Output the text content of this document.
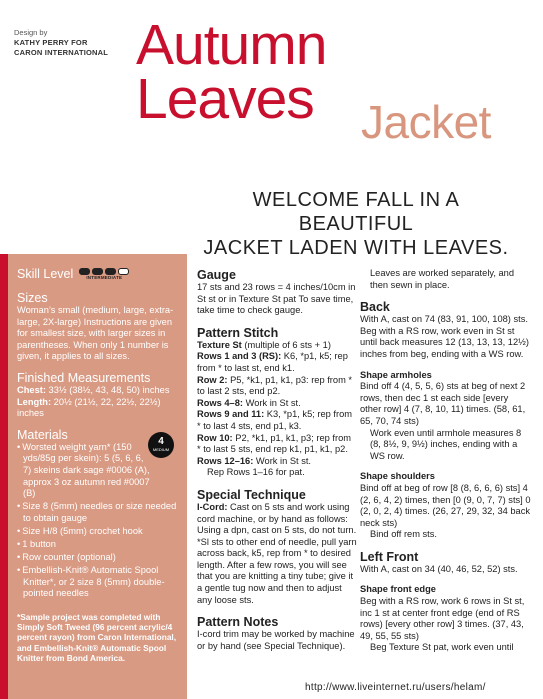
Design by
KATHY PERRY FOR
CARON INTERNATIONAL Autumn
Leaves Jacket
WELCOME FALL IN A BEAUTIFUL
JACKET LADEN WITH LEAVES.
Skill Level	INTERMEDIATE
Sizes

Woman’s small (medium, large, extra-large, 2X-large) Instructions are given for smallest size, with larger sizes in parentheses. When only 1 number is given, it applies to all sizes.

Finished Measurements

Chest: 33½ (38½, 43, 48, 50) inches
Length: 20½ (21½, 22, 22½, 22½) inches

Materials
• Worsted weight yarn* (150 yds/85g per skein): 5 (5, 6, 6, 7) skeins dark sage #0006 (A), approx 3 oz autumn red #0007 (B)
• Size 8 (5mm) needles or size needed to obtain gauge
• Size H/8 (5mm) crochet hook
• 1 button
• Row counter (optional)
• Embellish-Knit® Automatic Spool Knitter*, or 2 size 8 (5mm) double-pointed needles
*Sample project was completed with Simply Soft Tweed (96 percent acrylic/4 percent rayon) from Caron International, and Embellish-Knit® Automatic Spool Knitter from Bond America.
4
MEDIUM
Gauge

17 sts and 23 rows = 4 inches/10cm in St st or in Texture St pat To save time, take time to check gauge.

Pattern Stitch
Texture St (multiple of 6 sts + 1)
Rows 1 and 3 (RS): K6, *p1, k5; rep from * to last st, end k1.
Row 2: P5, *k1, p1, k1, p3: rep from * to last 2 sts, end p2.
Rows 4–8: Work in St st.
Rows 9 and 11: K3, *p1, k5; rep from * to last 4 sts, end p1, k3.
Row 10: P2, *k1, p1, k1, p3; rep from * to last 5 sts, end rep k1, p1, k1, p2.
Rows 12–16: Work in St st.

Rep Rows 1–16 for pat.

Special Technique

I-Cord: Cast on 5 sts and work using cord machine, or by hand as follows: Using a dpn, cast on 5 sts, do not turn. *Sl sts to other end of needle, pull yarn across back, k5, rep from * to desired length. After a few rows, you will see that you are knitting a tiny tube; give it a gentle tug now and then to adjust any loose sts.

Pattern Notes

I-cord trim may be worked by machine or by hand (see Special Technique).

Leaves are worked separately, and then sewn in place.

Back

With A, cast on 74 (83, 91, 100, 108) sts. Beg with a RS row, work even in St st until back measures 12 (13, 13, 13, 12½) inches from beg, ending with a WS row.

Shape armholes
Bind off 4 (4, 5, 5, 6) sts at beg of next 2 rows, then dec 1 st each side [every other row] 4 (7, 8, 10, 11) times. (58, 61, 65, 70, 74 sts)

Work even until armhole measures 8 (8, 8½, 9, 9½) inches, ending with a WS row.

Shape shoulders
Bind off at beg of row [8 (8, 6, 6, 6) sts] 4 (2, 6, 4, 2) times, then [0 (9, 0, 7, 7) sts] 0 (2, 0, 2, 4) times. (26, 27, 29, 32, 34 back neck sts)

Bind off rem sts.

Left Front

With A, cast on 34 (40, 46, 52, 52) sts.

Shape front edge
Beg with a RS row, work 6 rows in St st, inc 1 st at center front edge (end of RS rows) [every other row] 3 times. (37, 43, 49, 55, 55 sts)
Beg Texture St pat, work even until
http://www.liveinternet.ru/users/helam/
